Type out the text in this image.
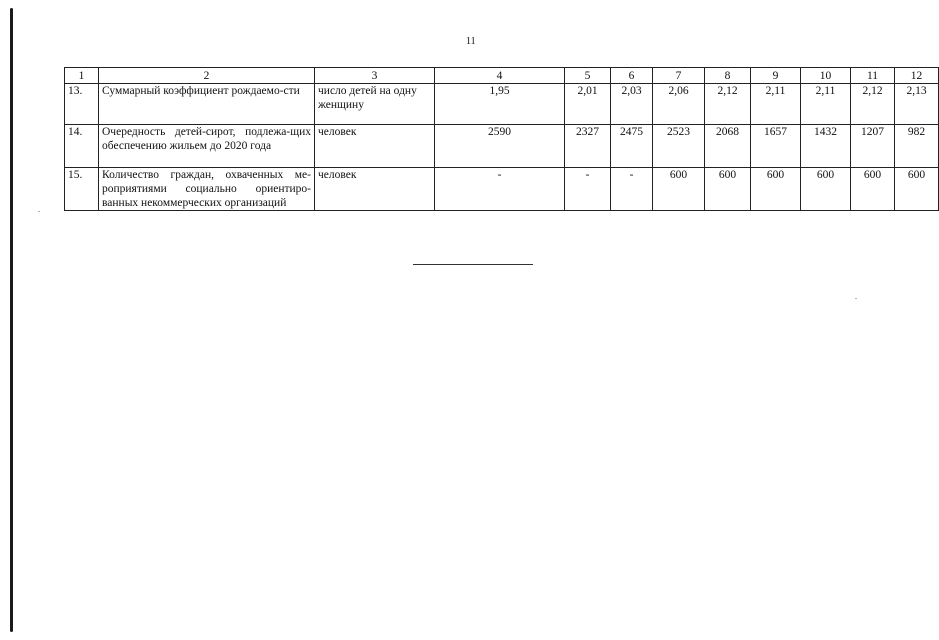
11
1	2	3	4	5	6	7	8	9	10	11	12
13.	Суммарный коэффициент рождаемо-сти	число детей на одну женщину	1,95	2,01	2,03	2,06	2,12	2,11	2,11	2,12	2,13
14.	Очередность детей-сирот, подлежа-щих обеспечению жильем до 2020 года	человек	2590	2327	2475	2523	2068	1657	1432	1207	982
15.	Количество граждан, охваченных ме-роприятиями социально ориентиро-ванных некоммерческих организаций	человек	-	-	-	600	600	600	600	600	600
